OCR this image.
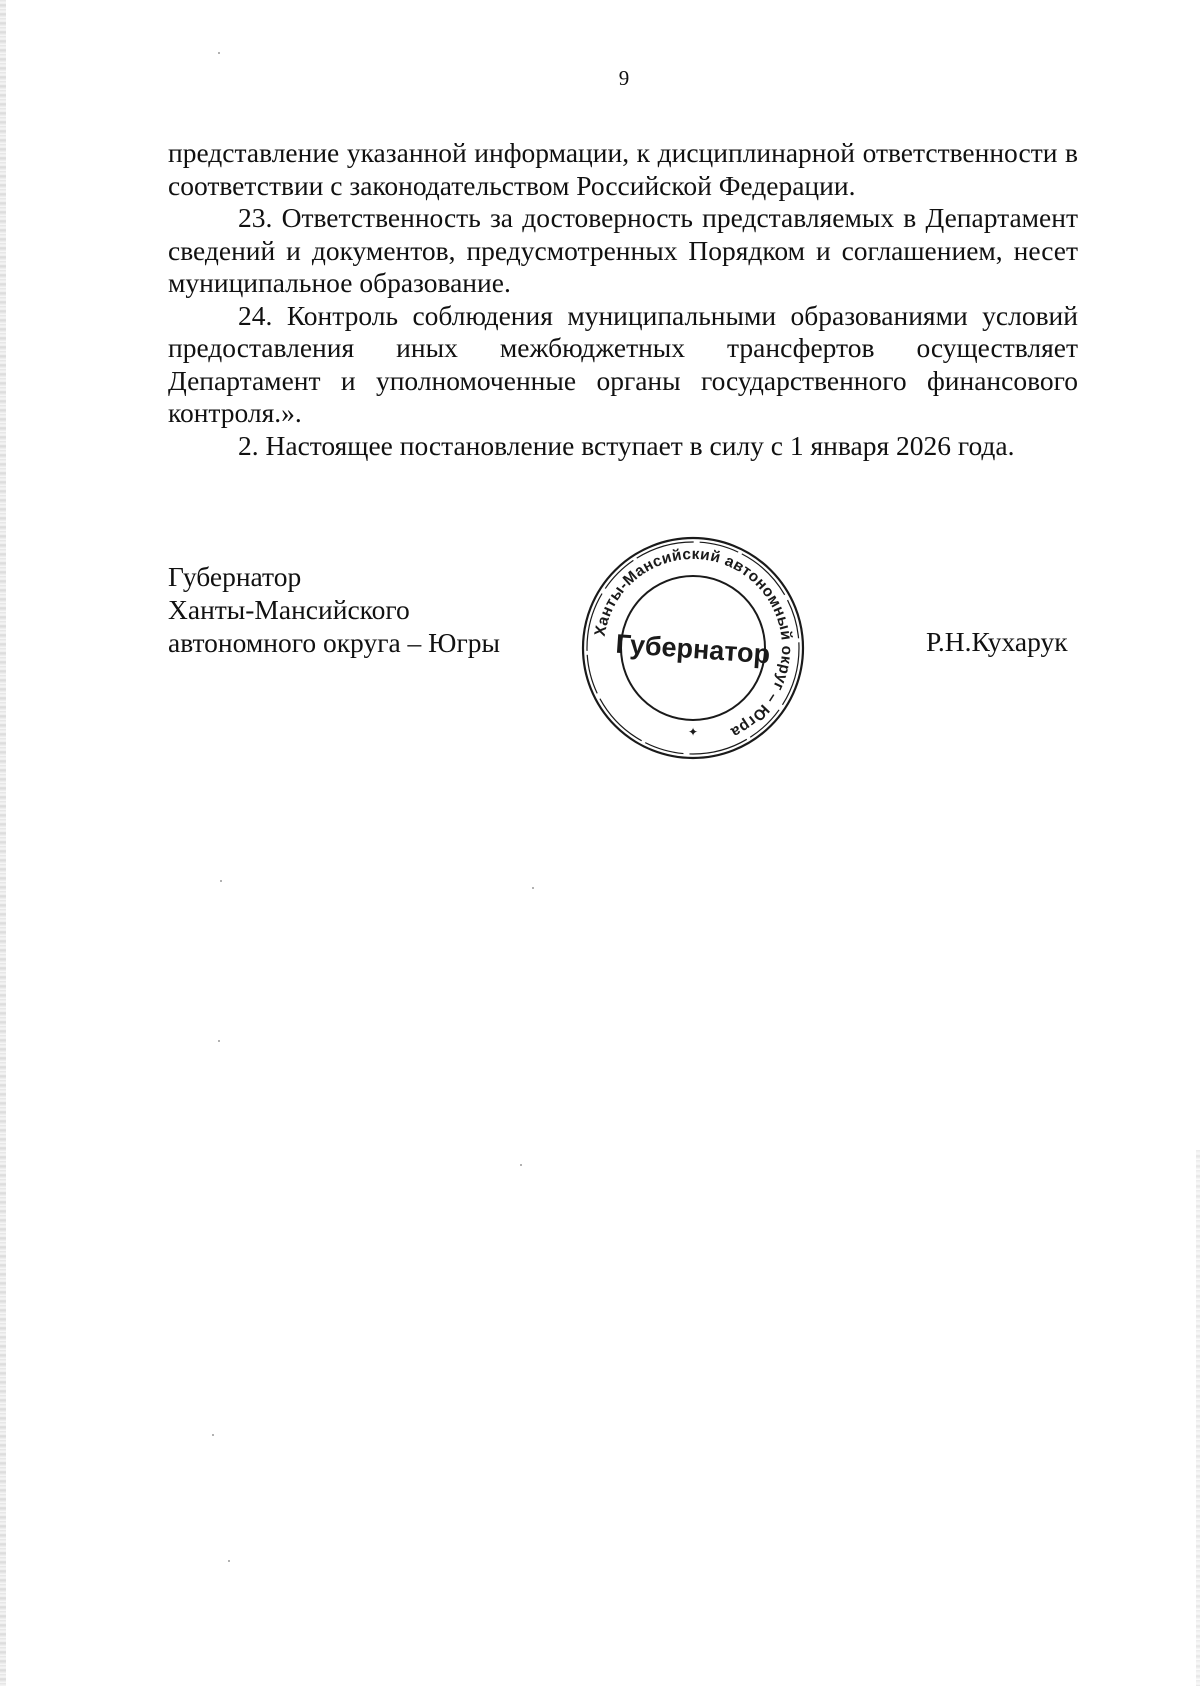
9

представление указанной информации, к дисциплинарной ответственности в соответствии с законодательством Российской Федерации.

23. Ответственность за достоверность представляемых в Департамент сведений и документов, предусмотренных Порядком и соглашением, несет муниципальное образование.

24. Контроль соблюдения муниципальными образованиями условий предоставления иных межбюджетных трансфертов осуществляет Департамент и уполномоченные органы государственного финансового контроля.».

2. Настоящее постановление вступает в силу с 1 января 2026 года.

Губернатор
Ханты-Мансийского
автономного округа – Югры	Ханты-Мансийский автономный округ – Югра
Губернатор
✦
Р.Н.Кухарук
